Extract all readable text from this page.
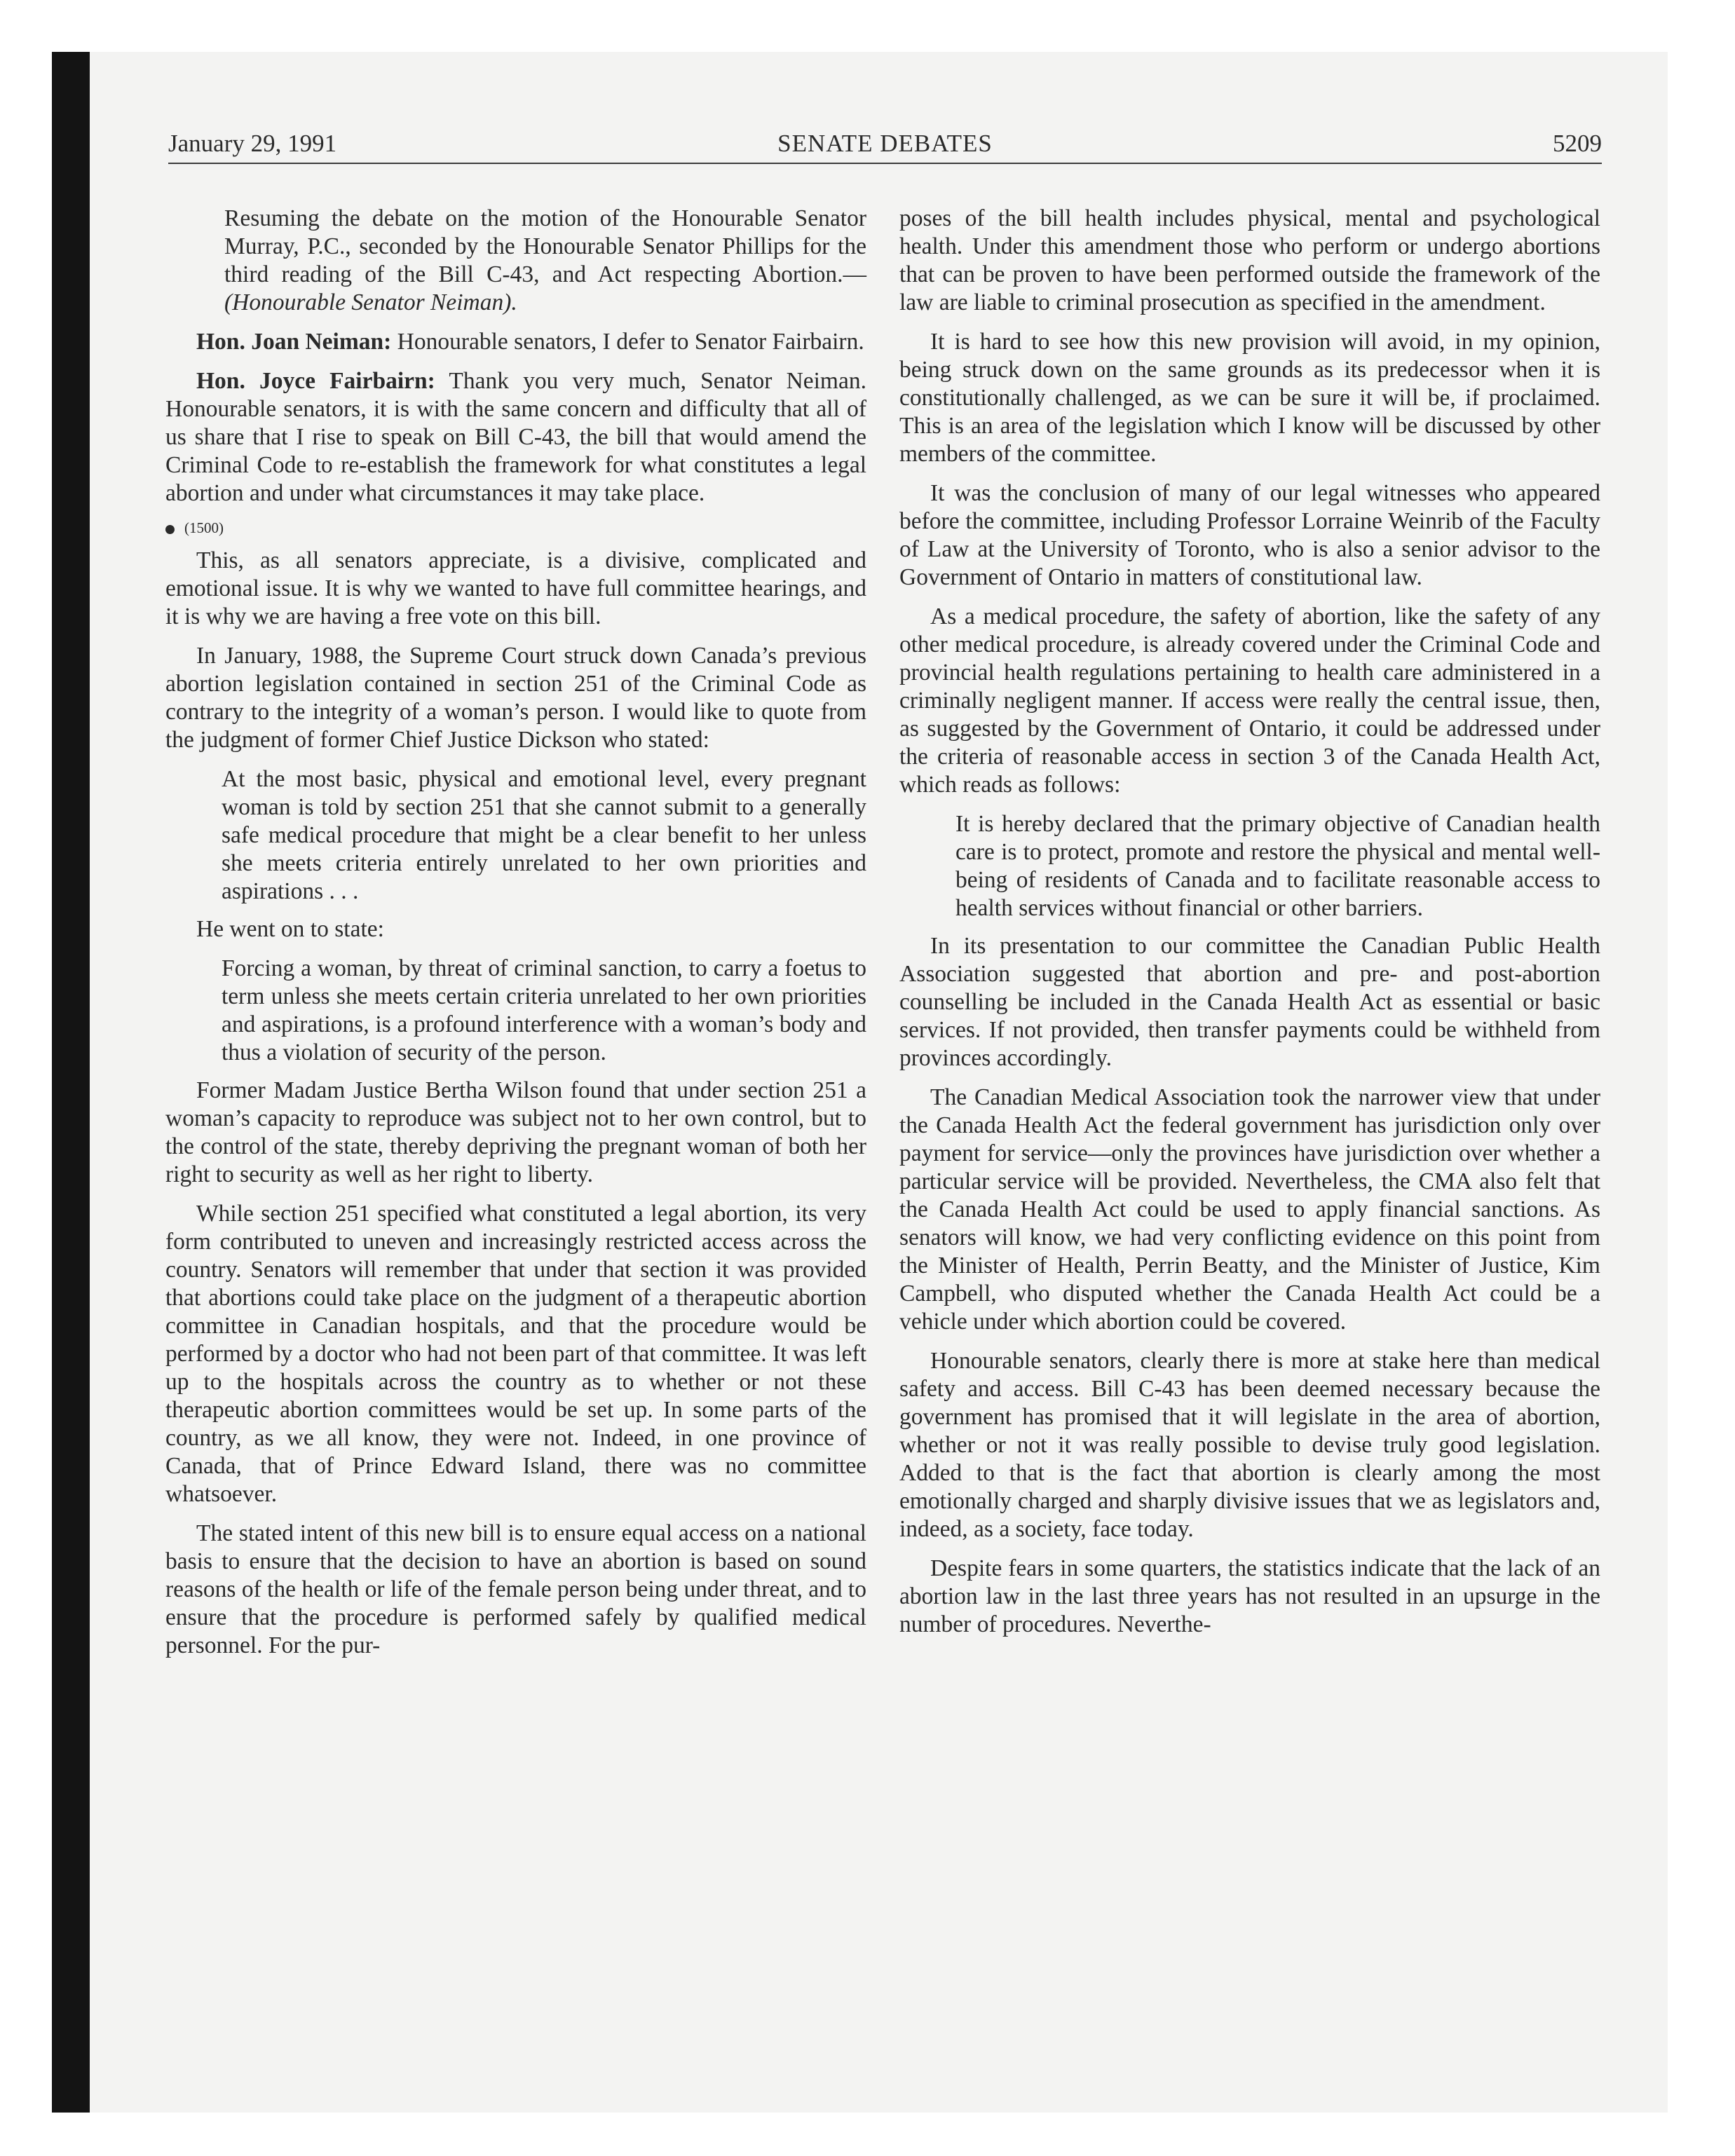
January 29, 1991	SENATE DEBATES	5209

Resuming the debate on the motion of the Honourable Senator Murray, P.C., seconded by the Honourable Senator Phillips for the third reading of the Bill C-43, and Act respecting Abortion.—(Honourable Senator Neiman).

Hon. Joan Neiman: Honourable senators, I defer to Senator Fairbairn.

Hon. Joyce Fairbairn: Thank you very much, Senator Neiman. Honourable senators, it is with the same concern and difficulty that all of us share that I rise to speak on Bill C-43, the bill that would amend the Criminal Code to re-establish the framework for what constitutes a legal abortion and under what circumstances it may take place.

(1500)

This, as all senators appreciate, is a divisive, complicated and emotional issue. It is why we wanted to have full committee hearings, and it is why we are having a free vote on this bill.

In January, 1988, the Supreme Court struck down Canada’s previous abortion legislation contained in section 251 of the Criminal Code as contrary to the integrity of a woman’s person. I would like to quote from the judgment of former Chief Justice Dickson who stated:

At the most basic, physical and emotional level, every pregnant woman is told by section 251 that she cannot submit to a generally safe medical procedure that might be a clear benefit to her unless she meets criteria entirely unrelated to her own priorities and aspirations . . .

He went on to state:

Forcing a woman, by threat of criminal sanction, to carry a foetus to term unless she meets certain criteria unrelated to her own priorities and aspirations, is a profound interference with a woman’s body and thus a violation of security of the person.

Former Madam Justice Bertha Wilson found that under section 251 a woman’s capacity to reproduce was subject not to her own control, but to the control of the state, thereby depriving the pregnant woman of both her right to security as well as her right to liberty.

While section 251 specified what constituted a legal abortion, its very form contributed to uneven and increasingly restricted access across the country. Senators will remember that under that section it was provided that abortions could take place on the judgment of a therapeutic abortion committee in Canadian hospitals, and that the procedure would be performed by a doctor who had not been part of that committee. It was left up to the hospitals across the country as to whether or not these therapeutic abortion committees would be set up. In some parts of the country, as we all know, they were not. Indeed, in one province of Canada, that of Prince Edward Island, there was no committee whatsoever.

The stated intent of this new bill is to ensure equal access on a national basis to ensure that the decision to have an abortion is based on sound reasons of the health or life of the female person being under threat, and to ensure that the procedure is performed safely by qualified medical personnel. For the pur-

poses of the bill health includes physical, mental and psychological health. Under this amendment those who perform or undergo abortions that can be proven to have been performed outside the framework of the law are liable to criminal prosecution as specified in the amendment.

It is hard to see how this new provision will avoid, in my opinion, being struck down on the same grounds as its predecessor when it is constitutionally challenged, as we can be sure it will be, if proclaimed. This is an area of the legislation which I know will be discussed by other members of the committee.

It was the conclusion of many of our legal witnesses who appeared before the committee, including Professor Lorraine Weinrib of the Faculty of Law at the University of Toronto, who is also a senior advisor to the Government of Ontario in matters of constitutional law.

As a medical procedure, the safety of abortion, like the safety of any other medical procedure, is already covered under the Criminal Code and provincial health regulations pertaining to health care administered in a criminally negligent manner. If access were really the central issue, then, as suggested by the Government of Ontario, it could be addressed under the criteria of reasonable access in section 3 of the Canada Health Act, which reads as follows:

It is hereby declared that the primary objective of Canadian health care is to protect, promote and restore the physical and mental well-being of residents of Canada and to facilitate reasonable access to health services without financial or other barriers.

In its presentation to our committee the Canadian Public Health Association suggested that abortion and pre- and post-abortion counselling be included in the Canada Health Act as essential or basic services. If not provided, then transfer payments could be withheld from provinces accordingly.

The Canadian Medical Association took the narrower view that under the Canada Health Act the federal government has jurisdiction only over payment for service—only the provinces have jurisdiction over whether a particular service will be provided. Nevertheless, the CMA also felt that the Canada Health Act could be used to apply financial sanctions. As senators will know, we had very conflicting evidence on this point from the Minister of Health, Perrin Beatty, and the Minister of Justice, Kim Campbell, who disputed whether the Canada Health Act could be a vehicle under which abortion could be covered.

Honourable senators, clearly there is more at stake here than medical safety and access. Bill C-43 has been deemed necessary because the government has promised that it will legislate in the area of abortion, whether or not it was really possible to devise truly good legislation. Added to that is the fact that abortion is clearly among the most emotionally charged and sharply divisive issues that we as legislators and, indeed, as a society, face today.

Despite fears in some quarters, the statistics indicate that the lack of an abortion law in the last three years has not resulted in an upsurge in the number of procedures. Neverthe-
